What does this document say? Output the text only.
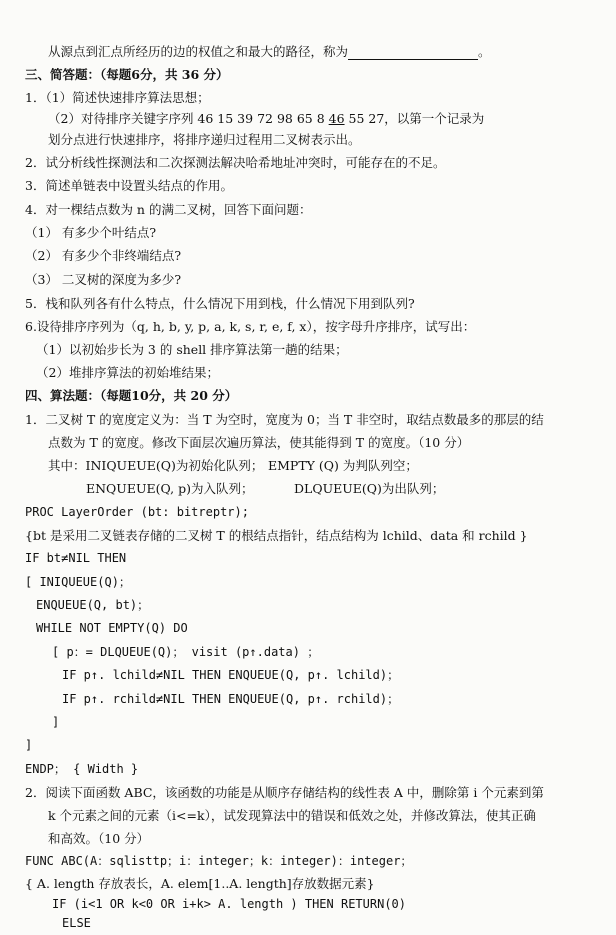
从源点到汇点所经历的边的权值之和最大的路径，称为	。
三、简答题：（每题6分，共 36 分）
1．（1）简述快速排序算法思想；
（2）对待排序关键字序列 46 15 39 72 98 65 8 46 55 27，以第一个记录为
划分点进行快速排序，将排序递归过程用二叉树表示出。
2．试分析线性探测法和二次探测法解决哈希地址冲突时，可能存在的不足。
3．简述单链表中设置头结点的作用。
4．对一棵结点数为 n 的满二叉树，回答下面问题：
（1） 有多少个叶结点?
（2） 有多少个非终端结点?
（3） 二叉树的深度为多少?
5．栈和队列各有什么特点，什么情况下用到栈，什么情况下用到队列?
6.设待排序序列为（q, h, b, y, p, a, k, s, r, e, f, x），按字母升序排序，试写出：
（1）以初始步长为 3 的 shell 排序算法第一趟的结果；
（2）堆排序算法的初始堆结果；
四、算法题：（每题10分，共 20 分）
1．二叉树 T 的宽度定义为：当 T 为空时，宽度为 0；当 T 非空时，取结点数最多的那层的结
点数为 T 的宽度。修改下面层次遍历算法，使其能得到 T 的宽度。（10 分）
其中：INIQUEUE(Q)为初始化队列； EMPTY (Q) 为判队列空；
ENQUEUE(Q, p)为入队列；	DLQUEUE(Q)为出队列；
PROC LayerOrder (bt: bitreptr);
{bt 是采用二叉链表存储的二叉树 T 的根结点指针，结点结构为 lchild、data 和 rchild }
IF bt≠NIL THEN
[ INIQUEUE(Q)；
ENQUEUE(Q, bt)；
WHILE NOT EMPTY(Q) DO
[ p：= DLQUEUE(Q)； visit (p↑.data) ；
IF p↑. lchild≠NIL THEN ENQUEUE(Q, p↑. lchild)；
IF p↑. rchild≠NIL THEN ENQUEUE(Q, p↑. rchild)；
]
]
ENDP； { Width }
2．阅读下面函数 ABC，该函数的功能是从顺序存储结构的线性表 A 中，删除第 i 个元素到第
k 个元素之间的元素（i<=k），试发现算法中的错误和低效之处，并修改算法，使其正确
和高效。（10 分）
FUNC ABC(A：sqlisttp；i：integer；k：integer)：integer；
{ A. length 存放表长，A. elem[1..A. length]存放数据元素}
IF (i<1 OR k<0 OR i+k> A. length ) THEN RETURN(0)
ELSE
